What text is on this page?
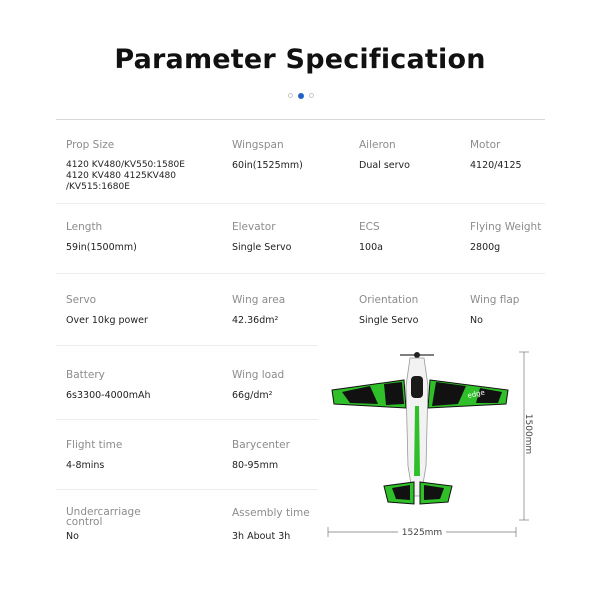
Parameter Specification
Prop Size
4120 KV480/KV550:1580E
4120 KV480 4125KV480
/KV515:1680E
Wingspan
60in(1525mm)
Aileron
Dual servo
Motor
4120/4125
Length
59in(1500mm)
Elevator
Single Servo
ECS
100a
Flying Weight
2800g
Servo
Over 10kg power
Wing area
42.36dm²
Orientation
Single Servo
Wing flap
No
Battery
6s3300-4000mAh
Wing load
66g/dm²
Flight time
4-8mins
Barycenter
80-95mm
Undercarriage control
No
Assembly time
3h About 3h
edge
1500mm
1525mm
